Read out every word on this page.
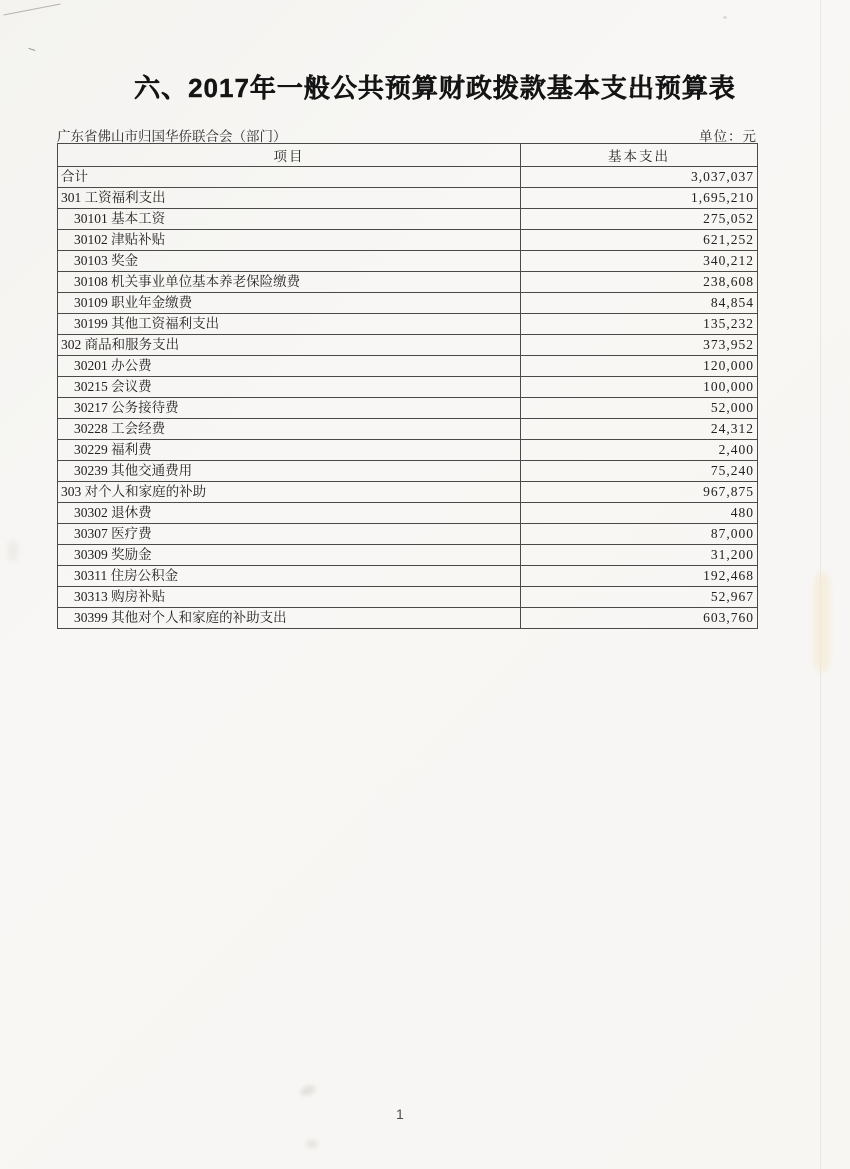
六、2017年一般公共预算财政拨款基本支出预算表
广东省佛山市归国华侨联合会（部门）	单位：元
项目	基本支出
合计	3,037,037
301 工资福利支出	1,695,210
30101 基本工资	275,052
30102 津贴补贴	621,252
30103 奖金	340,212
30108 机关事业单位基本养老保险缴费	238,608
30109 职业年金缴费	84,854
30199 其他工资福利支出	135,232
302 商品和服务支出	373,952
30201 办公费	120,000
30215 会议费	100,000
30217 公务接待费	52,000
30228 工会经费	24,312
30229 福利费	2,400
30239 其他交通费用	75,240
303 对个人和家庭的补助	967,875
30302 退休费	480
30307 医疗费	87,000
30309 奖励金	31,200
30311 住房公积金	192,468
30313 购房补贴	52,967
30399 其他对个人和家庭的补助支出	603,760
1
